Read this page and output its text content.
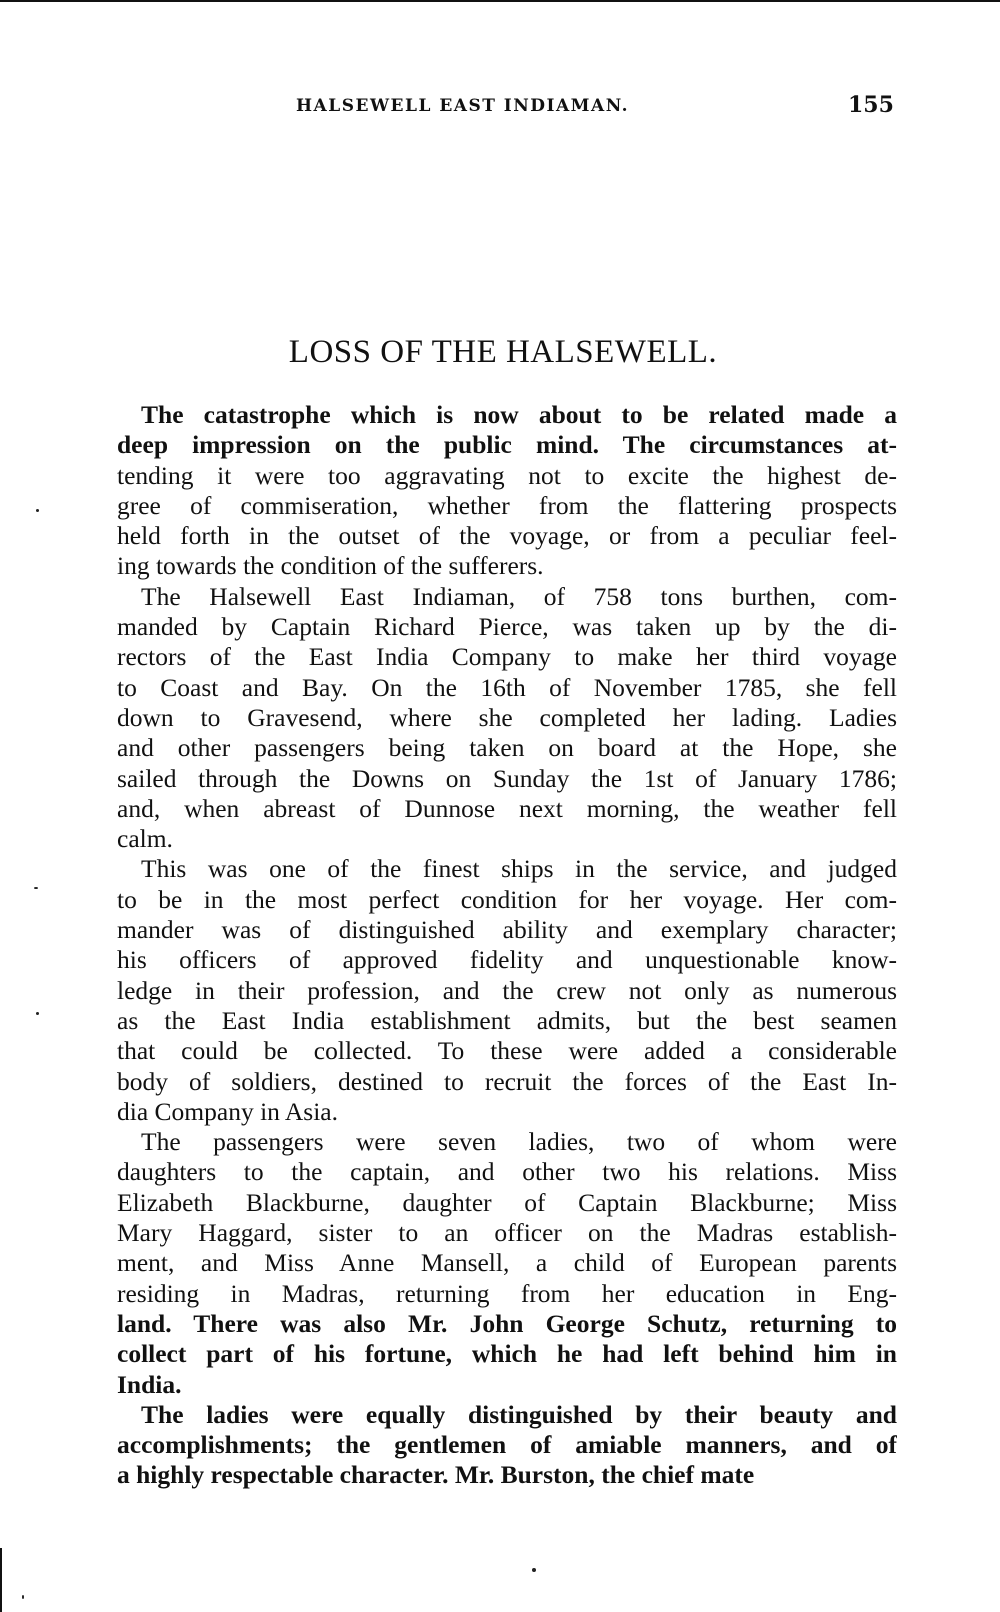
HALSEWELL EAST INDIAMAN.	155
LOSS OF THE HALSEWELL.
The catastrophe which is now about to be related made a
deep impression on the public mind. The circumstances at-
tending it were too aggravating not to excite the highest de-
gree of commiseration, whether from the flattering prospects
held forth in the outset of the voyage, or from a peculiar feel-
ing towards the condition of the sufferers.
The Halsewell East Indiaman, of 758 tons burthen, com-
manded by Captain Richard Pierce, was taken up by the di-
rectors of the East India Company to make her third voyage
to Coast and Bay. On the 16th of November 1785, she fell
down to Gravesend, where she completed her lading. Ladies
and other passengers being taken on board at the Hope, she
sailed through the Downs on Sunday the 1st of January 1786;
and, when abreast of Dunnose next morning, the weather fell
calm.
This was one of the finest ships in the service, and judged
to be in the most perfect condition for her voyage. Her com-
mander was of distinguished ability and exemplary character;
his officers of approved fidelity and unquestionable know-
ledge in their profession, and the crew not only as numerous
as the East India establishment admits, but the best seamen
that could be collected. To these were added a considerable
body of soldiers, destined to recruit the forces of the East In-
dia Company in Asia.
The passengers were seven ladies, two of whom were
daughters to the captain, and other two his relations. Miss
Elizabeth Blackburne, daughter of Captain Blackburne; Miss
Mary Haggard, sister to an officer on the Madras establish-
ment, and Miss Anne Mansell, a child of European parents
residing in Madras, returning from her education in Eng-
land. There was also Mr. John George Schutz, returning to
collect part of his fortune, which he had left behind him in
India.
The ladies were equally distinguished by their beauty and
accomplishments; the gentlemen of amiable manners, and of
a highly respectable character. Mr. Burston, the chief mate
